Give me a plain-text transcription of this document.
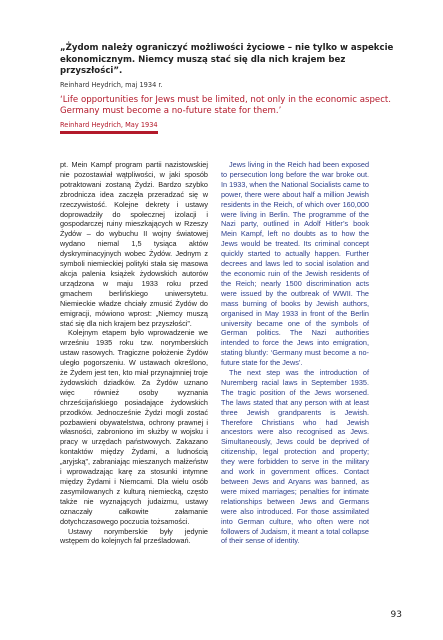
„Żydom należy ograniczyć możliwości życiowe – nie tylko w aspekcie ekonomicznym. Niemcy muszą stać się dla nich krajem bez przyszłości”.

Reinhard Heydrich, maj 1934 r.

‘Life opportunities for Jews must be limited, not only in the economic aspect. Germany must become a no-future state for them.’

Reinhard Heydrich, May 1934

pt. Mein Kampf program partii nazistowskiej nie pozostawiał wątpliwości, w jaki sposób potraktowani zostaną Żydzi. Bardzo szybko zbrodnicza idea zaczęła przeradzać się w rzeczywistość. Kolejne dekrety i ustawy doprowadziły do społecznej izolacji i gospodarczej ruiny mieszkających w Rzeszy Żydów – do wybuchu II wojny światowej wydano niemal 1,5 tysiąca aktów dyskryminacyjnych wobec Żydów. Jednym z symboli niemieckiej polityki stała się masowa akcja palenia książek żydowskich autorów urządzona w maju 1933 roku przed gmachem berlińskiego uniwersytetu. Niemieckie władze chciały zmusić Żydów do emigracji, mówiono wprost: „Niemcy muszą stać się dla nich krajem bez przyszłości”.

Kolejnym etapem było wprowadzenie we wrześniu 1935 roku tzw. norymberskich ustaw rasowych. Tragiczne położenie Żydów uległo pogorszeniu. W ustawach określono, że Żydem jest ten, kto miał przynajmniej troje żydowskich dziadków. Za Żydów uznano więc również osoby wyznania chrześcijańskiego posiadające żydowskich przodków. Jednocześnie Żydzi mogli zostać pozbawieni obywatelstwa, ochrony prawnej i własności, zabroniono im służby w wojsku i pracy w urzędach państwowych. Zakazano kontaktów między Żydami, a ludnością „aryjską”, zabraniając mieszanych małżeństw i wprowadzając karę za stosunki intymne między Żydami i Niemcami. Dla wielu osób zasymilowanych z kulturą niemiecką, często także nie wyznających judaizmu, ustawy oznaczały całkowite załamanie dotychczasowego poczucia tożsamości.

Ustawy norymberskie były jedynie wstępem do kolejnych fal prześladowań.

Jews living in the Reich had been exposed to persecution long before the war broke out. In 1933, when the National Socialists came to power, there were about half a million Jewish residents in the Reich, of which over 160,000 were living in Berlin. The programme of the Nazi party, outlined in Adolf Hitler’s book Mein Kampf, left no doubts as to how the Jews would be treated. Its criminal concept quickly started to actually happen. Further decrees and laws led to social isolation and the economic ruin of the Jewish residents of the Reich; nearly 1500 discrimination acts were issued by the outbreak of WWII. The mass burning of books by Jewish authors, organised in May 1933 in front of the Berlin university became one of the symbols of German politics. The Nazi authorities intended to force the Jews into emigration, stating bluntly: ‘Germany must become a no-future state for the Jews’.

The next step was the introduction of Nuremberg racial laws in September 1935. The tragic position of the Jews worsened. The laws stated that any person with at least three Jewish grandparents is Jewish. Therefore Christians who had Jewish ancestors were also recognised as Jews. Simultaneously, Jews could be deprived of citizenship, legal protection and property; they were forbidden to serve in the military and work in government offices. Contact between Jews and Aryans was banned, as were mixed marriages; penalties for intimate relationships between Jews and Germans were also introduced. For those assimilated into German culture, who often were not followers of Judaism, it meant a total collapse of their sense of identity.

93
